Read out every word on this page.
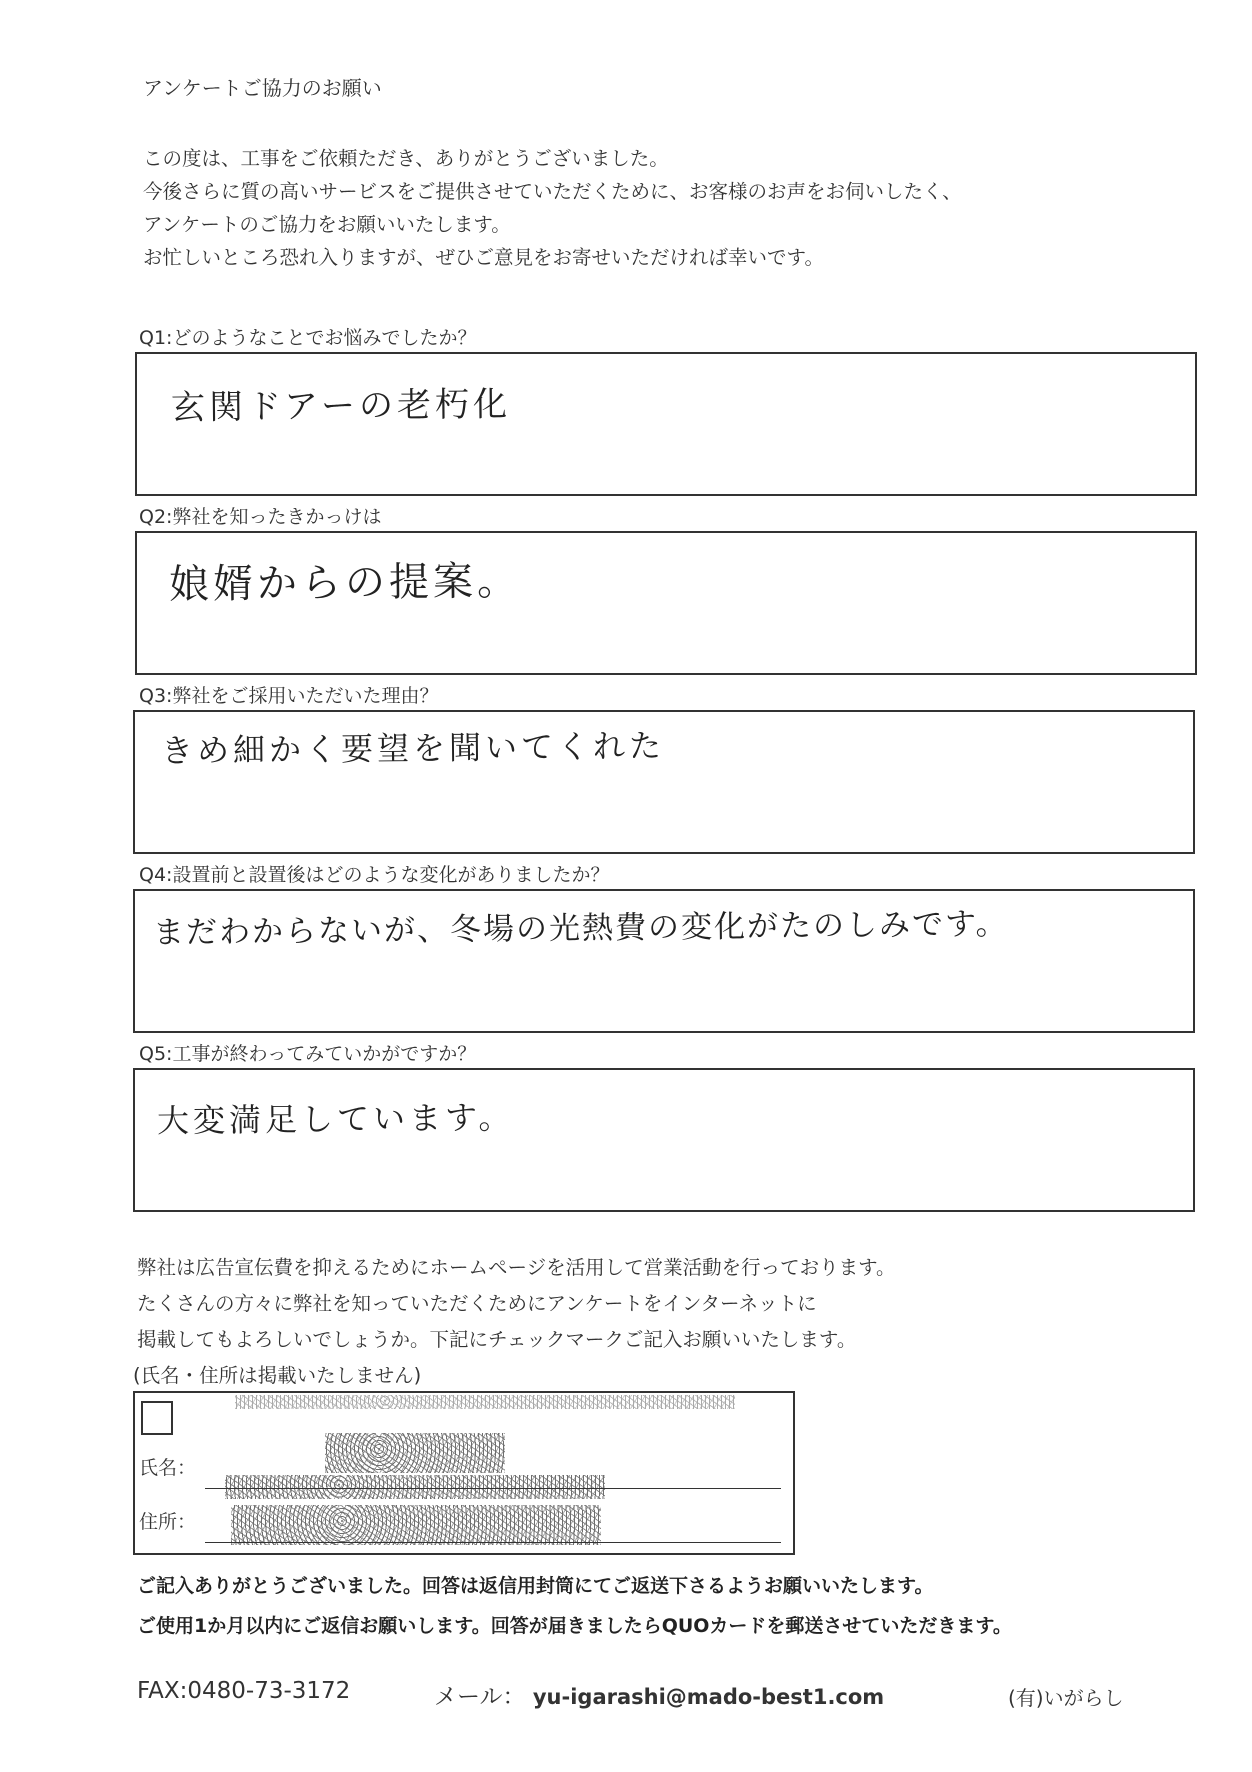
アンケートご協力のお願い
この度は、工事をご依頼ただき、ありがとうございました。
今後さらに質の高いサービスをご提供させていただくために、お客様のお声をお伺いしたく、
アンケートのご協力をお願いいたします。
お忙しいところ恐れ入りますが、ぜひご意見をお寄せいただければ幸いです。
Q1:どのようなことでお悩みでしたか？
玄関ドアーの老朽化
Q2:弊社を知ったきかっけは
娘婿からの提案。
Q3:弊社をご採用いただいた理由？
きめ細かく要望を聞いてくれた
Q4:設置前と設置後はどのような変化がありましたか？
まだわからないが、冬場の光熱費の変化がたのしみです。
Q5:工事が終わってみていかがですか？
大変満足しています。
弊社は広告宣伝費を抑えるためにホームページを活用して営業活動を行っております。
たくさんの方々に弊社を知っていただくためにアンケートをインターネットに
掲載してもよろしいでしょうか。下記にチェックマークご記入お願いいたします。
(氏名・住所は掲載いたしません)
氏名：
住所：
ご記入ありがとうございました。回答は返信用封筒にてご返送下さるようお願いいたします。
ご使用1か月以内にご返信お願いします。回答が届きましたらQUOカードを郵送させていただきます。
FAX:0480-73-3172	メール： yu-igarashi@mado-best1.com	(有)いがらし
